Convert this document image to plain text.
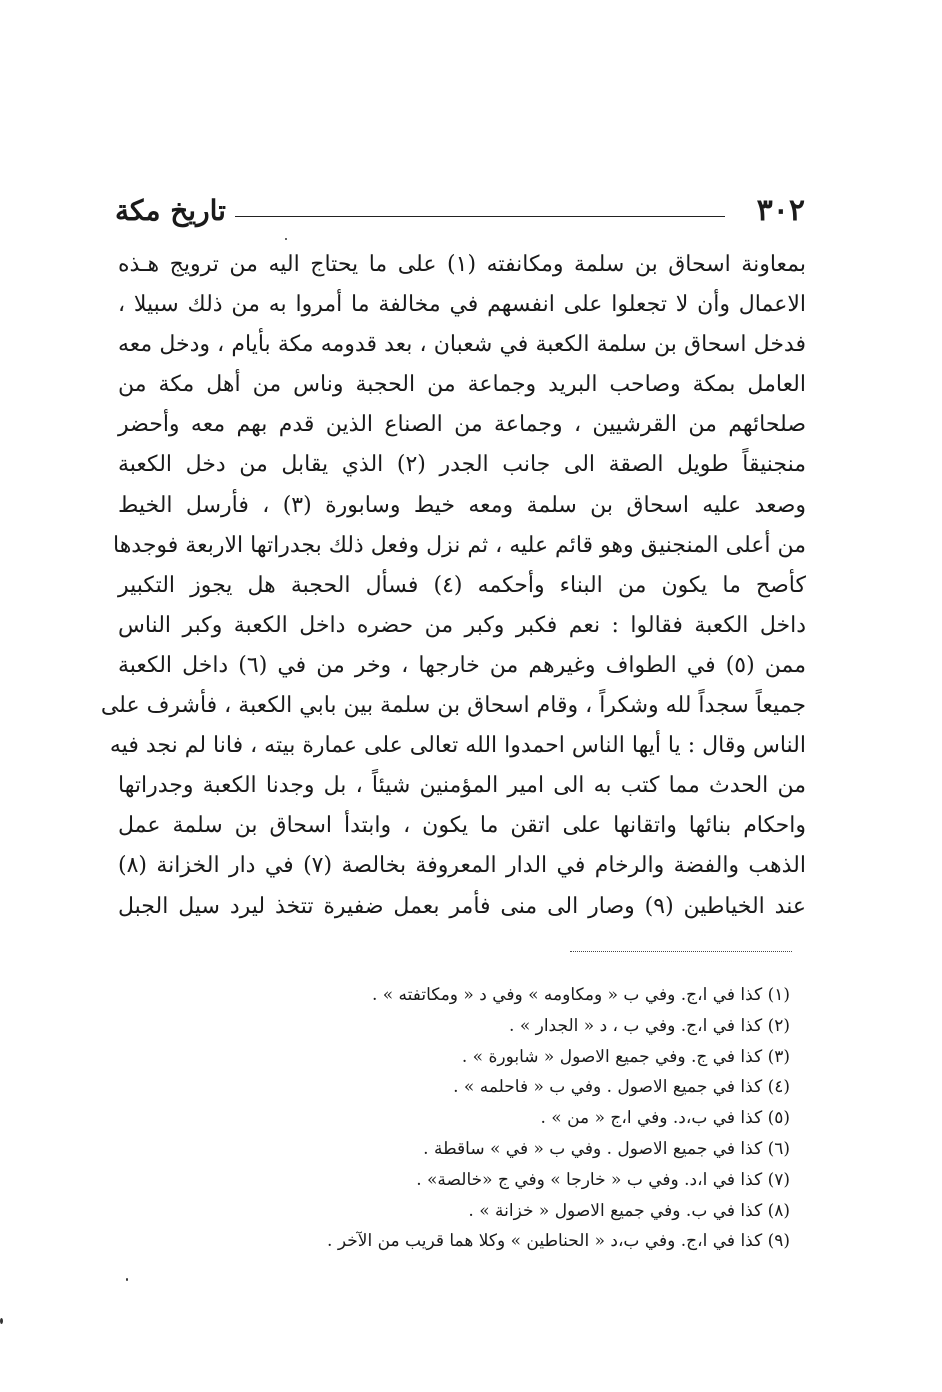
٣٠٢
تاريخ مكة
بمعاونة اسحاق بن سلمة ومكانفته (١) على ما يحتاج اليه من ترويج هـذه
الاعمال وأن لا تجعلوا على انفسهم في مخالفة ما أمروا به من ذلك سبيلا ،
فدخل اسحاق بن سلمة الكعبة في شعبان ، بعد قدومه مكة بأيام ، ودخل معه
العامل بمكة وصاحب البريد وجماعة من الحجبة وناس من أهل مكة من
صلحائهم من القرشيين ، وجماعة من الصناع الذين قدم بهم معه وأحضر
منجنيقاً طويل الصقة الى جانب الجدر (٢) الذي يقابل من دخل الكعبة
وصعد عليه اسحاق بن سلمة ومعه خيط وسابورة (٣) ، فأرسل الخيط
من أعلى المنجنيق وهو قائم عليه ، ثم نزل وفعل ذلك بجدراتها الاربعة فوجدها
كأصح ما يكون من البناء وأحكمه (٤) فسأل الحجبة هل يجوز التكبير
داخل الكعبة فقالوا : نعم فكبر وكبر من حضره داخل الكعبة وكبر الناس
ممن (٥) في الطواف وغيرهم من خارجها ، وخر من في (٦) داخل الكعبة
جميعاً سجداً لله وشكراً ، وقام اسحاق بن سلمة بين بابي الكعبة ، فأشرف على
الناس وقال : يا أيها الناس احمدوا الله تعالى على عمارة بيته ، فانا لم نجد فيه
من الحدث مما كتب به الى امير المؤمنين شيئاً ، بل وجدنا الكعبة وجدراتها
واحكام بنائها واتقانها على اتقن ما يكون ، وابتدأ اسحاق بن سلمة عمل
الذهب والفضة والرخام في الدار المعروفة بخالصة (٧) في دار الخزانة (٨)
عند الخياطين (٩) وصار الى منى فأمر بعمل ضفيرة تتخذ ليرد سيل الجبل
(١) كذا في ا،ج. وفي ب « ومكاومه » وفي د « ومكاتفته » .
(٢) كذا في ا،ج. وفي ب ، د « الجدار » .
(٣) كذا في ج. وفي جميع الاصول « شابورة » .
(٤) كذا في جميع الاصول . وفي ب « فاحلمه » .
(٥) كذا في ب،د. وفي ا،ج « من » .
(٦) كذا في جميع الاصول . وفي ب « في » ساقطة .
(٧) كذا في ا،د. وفي ب « خارجا » وفي ج «خالصة» .
(٨) كذا في ب. وفي جميع الاصول « خزانة » .
(٩) كذا في ا،ج. وفي ب،د « الحناطين » وكلا هما قريب من الآخر .
